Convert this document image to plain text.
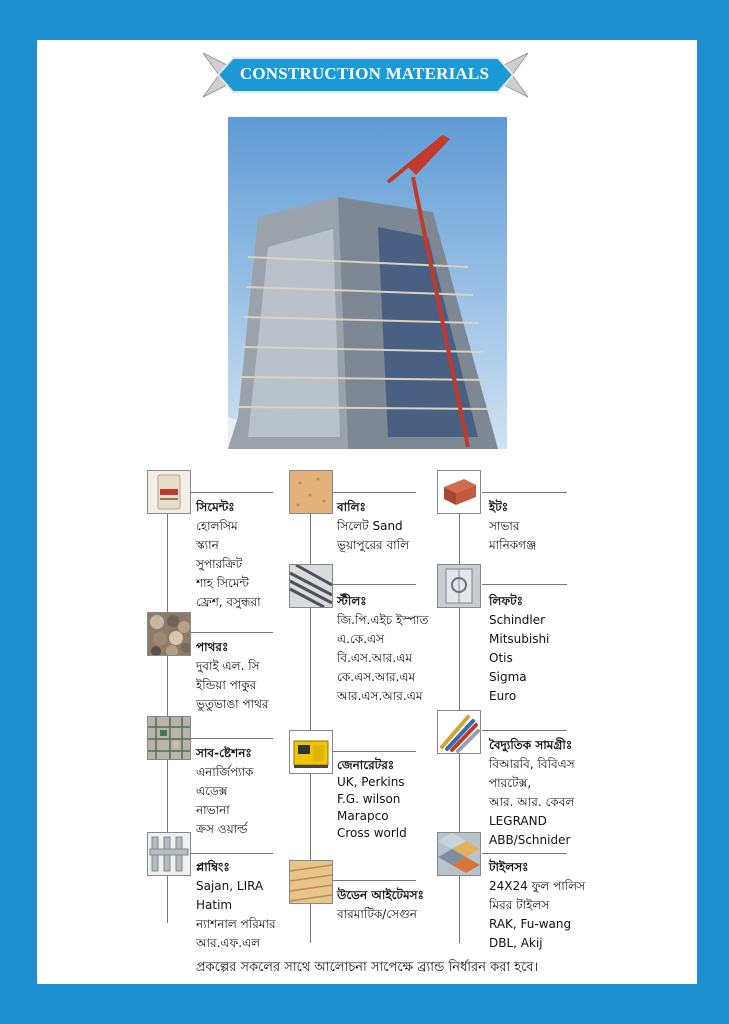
CONSTRUCTION MATERIALS
সিমেন্টঃ
হোলসিম
স্ক্যান
সুপারক্রিট
শাহ সিমেন্ট
ফ্রেশ, বসুন্ধরা
পাথরঃ
দুবাই এল. সি
ইন্ডিয়া পাকুর
ভুতুভাঙা পাথর
সাব-ষ্টেশনঃ
এনার্জিপ্যাক
এডেক্স
নাভানা
ক্রস ওয়ার্ল্ড
প্লাম্বিংঃ
Sajan, LIRA
Hatim
ন্যাশনাল পরিমার
আর.এফ.এল
বালিঃ
সিলেট Sand
ভূয়াপুরের বালি
স্টীলঃ
জি.পি.এইচ ইস্পাত
এ.কে.এস
বি.এস.আর.এম
কে.এস.আর.এম
আর.এস.আর.এম
জেনারেটরঃ
UK, Perkins
F.G. wilson
Marapco
Cross world
উডেন আইটেমসঃ
বারমাটিক/সেগুন
ইটঃ
সাভার
মানিকগঞ্জ
লিফটঃ
Schindler
Mitsubishi
Otis
Sigma
Euro
বৈদ্যুতিক সামগ্রীঃ
বিআরবি, বিবিএস
পারটেক্স,
আর. আর. কেবল
LEGRAND
ABB/Schnider
টাইলসঃ
24X24 ফুল পালিস
মিরর টাইলস
RAK, Fu-wang
DBL, Akij
প্রকল্পের সকলের সাথে আলোচনা সাপেক্ষে ব্র্যান্ড নির্ধারন করা হবে।
